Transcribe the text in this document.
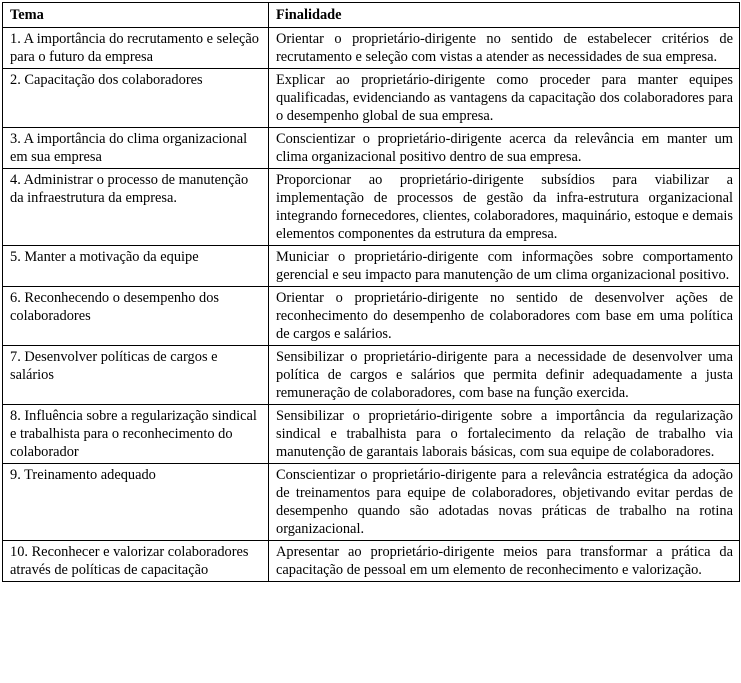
Tema	Finalidade
1. A importância do recrutamento e seleção para o futuro da empresa	Orientar o proprietário-dirigente no sentido de estabelecer critérios de recrutamento e seleção com vistas a atender as necessidades de sua empresa.
2. Capacitação dos colaboradores	Explicar ao proprietário-dirigente como proceder para manter equipes qualificadas, evidenciando as vantagens da capacitação dos colaboradores para o desempenho global de sua empresa.
3. A importância do clima organizacional em sua empresa	Conscientizar o proprietário-dirigente acerca da relevância em manter um clima organizacional positivo dentro de sua empresa.
4. Administrar o processo de manutenção da infraestrutura da empresa.	Proporcionar ao proprietário-dirigente subsídios para viabilizar a implementação de processos de gestão da infra-estrutura organizacional integrando fornecedores, clientes, colaboradores, maquinário, estoque e demais elementos componentes da estrutura da empresa.
5. Manter a motivação da equipe	Municiar o proprietário-dirigente com informações sobre comportamento gerencial e seu impacto para manutenção de um clima organizacional positivo.
6. Reconhecendo o desempenho dos colaboradores	Orientar o proprietário-dirigente no sentido de desenvolver ações de reconhecimento do desempenho de colaboradores com base em uma política de cargos e salários.
7. Desenvolver políticas de cargos e salários	Sensibilizar o proprietário-dirigente para a necessidade de desenvolver uma política de cargos e salários que permita definir adequadamente a justa remuneração de colaboradores, com base na função exercida.
8. Influência sobre a regularização sindical e trabalhista para o reconhecimento do colaborador	Sensibilizar o proprietário-dirigente sobre a importância da regularização sindical e trabalhista para o fortalecimento da relação de trabalho via manutenção de garantais laborais básicas, com sua equipe de colaboradores.
9. Treinamento adequado	Conscientizar o proprietário-dirigente para a relevância estratégica da adoção de treinamentos para equipe de colaboradores, objetivando evitar perdas de desempenho quando são adotadas novas práticas de trabalho na rotina organizacional.
10. Reconhecer e valorizar colaboradores através de políticas de capacitação	Apresentar ao proprietário-dirigente meios para transformar a prática da capacitação de pessoal em um elemento de reconhecimento e valorização.
